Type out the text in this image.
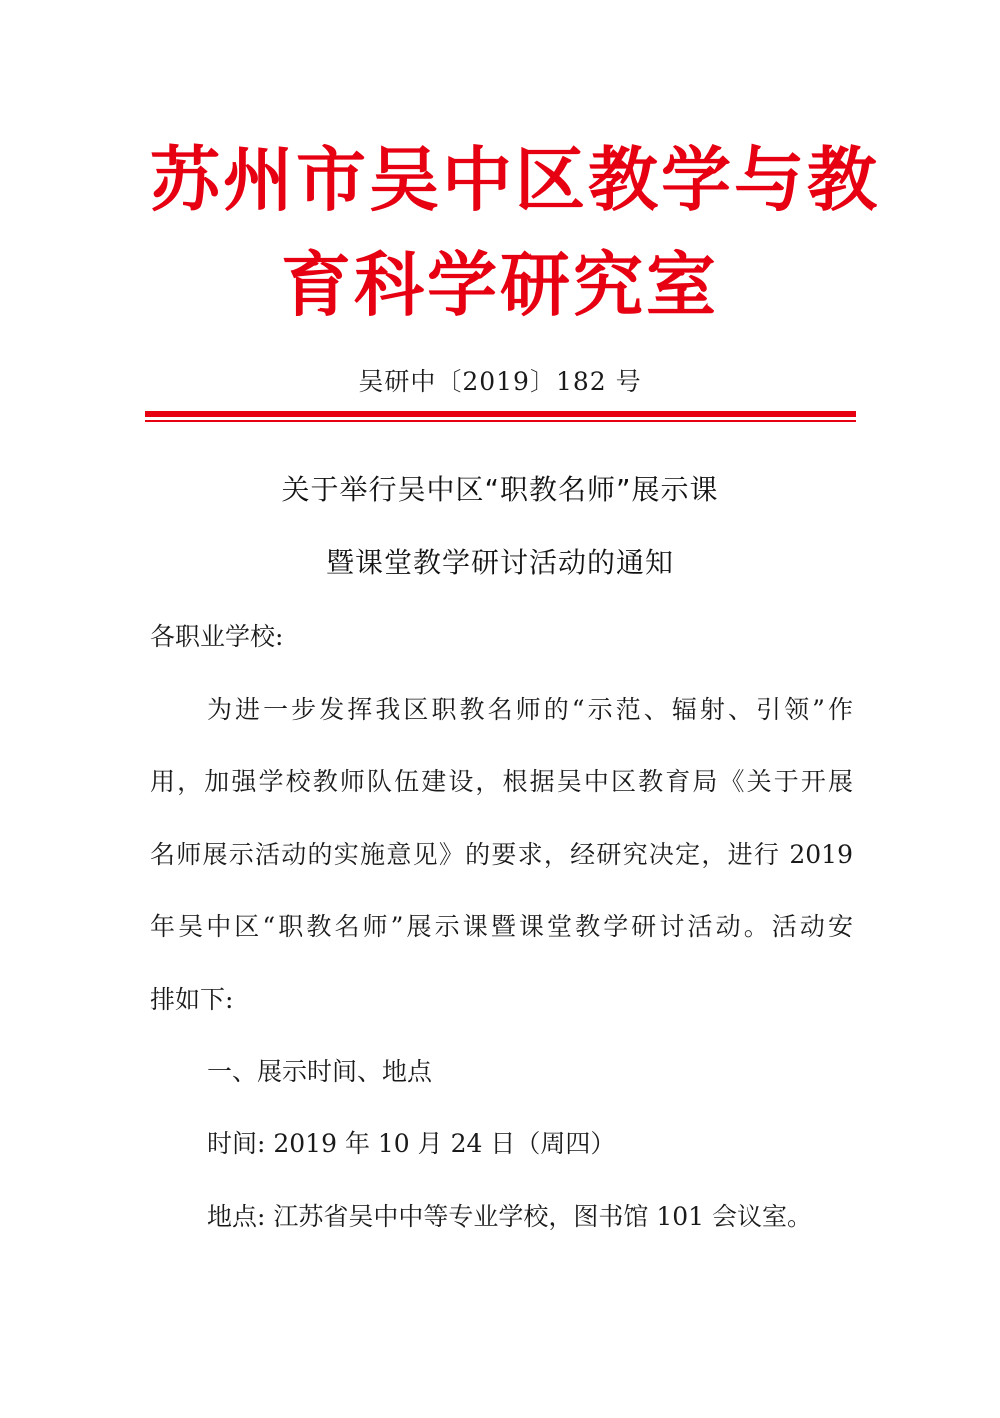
苏州市吴中区教学与教
育科学研究室
吴研中〔2019〕182 号
关于举行吴中区“职教名师”展示课
暨课堂教学研讨活动的通知
各职业学校:
为进一步发挥我区职教名师的“示范、辐射、引领”作
用，加强学校教师队伍建设，根据吴中区教育局《关于开展
名师展示活动的实施意见》的要求，经研究决定，进行 2019
年吴中区“职教名师”展示课暨课堂教学研讨活动。活动安
排如下:
一、展示时间、地点
时间: 2019 年 10 月 24 日（周四）
地点: 江苏省吴中中等专业学校，图书馆 101 会议室。
